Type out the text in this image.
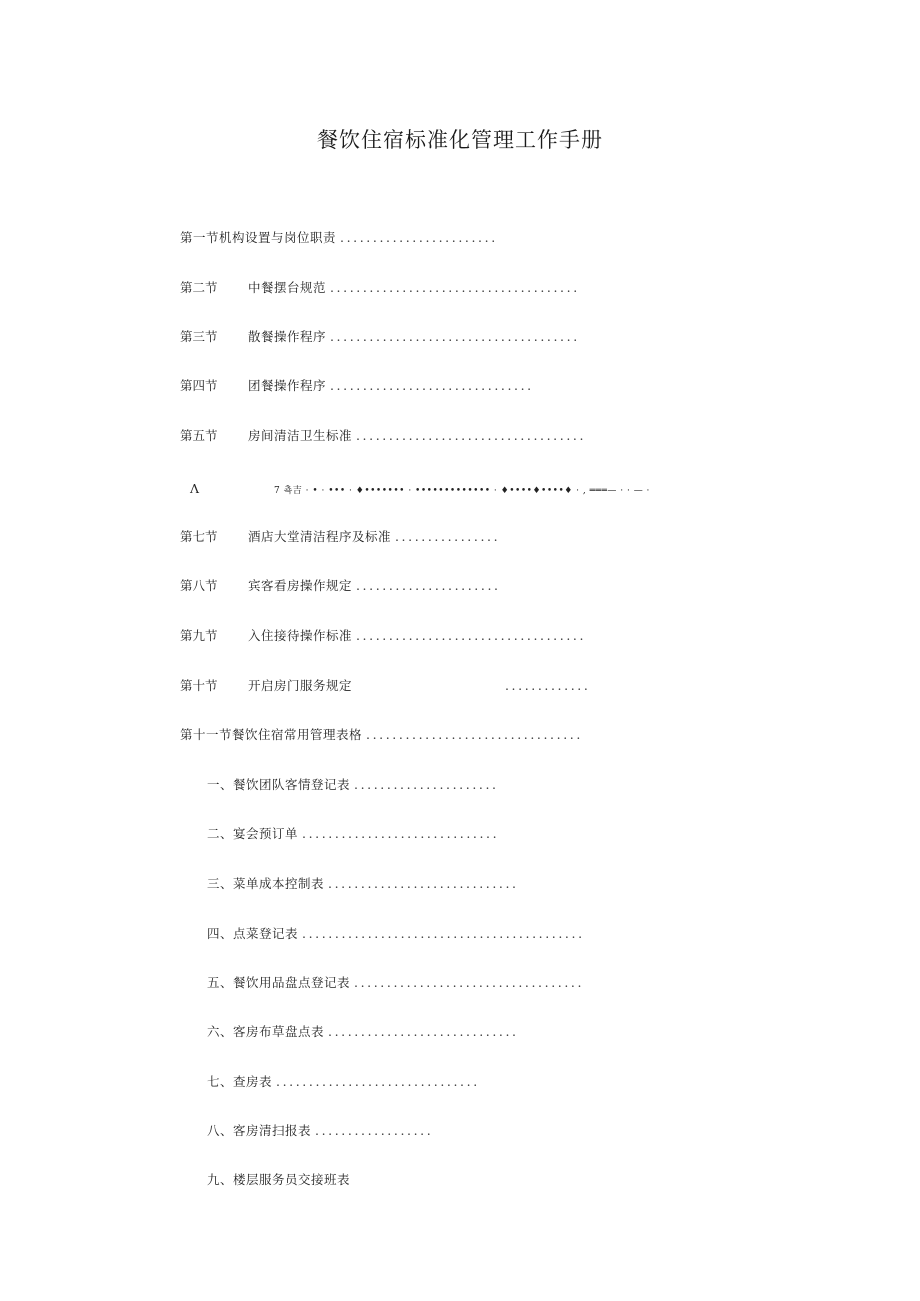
餐饮住宿标准化管理工作手册
第一节机构设置与岗位职责 ........................
第二节 中餐摆台规范 ......................................
第三节 散餐操作程序 ......................................
第四节 团餐操作程序 ...............................
第五节 房间清洁卫生标准 ...................................
Λ	7 쵹吉 · • · ••• · ♦••••••• · ••••••••••••• · ♦••••♦••••♦ · , ═══— · · — ·
第七节 酒店大堂清洁程序及标准 ................
第八节 宾客看房操作规定 ......................
第九节 入住接待操作标准 ...................................
第十节 开启房门服务规定	.............
第十一节餐饮住宿常用管理表格 .................................
一、餐饮团队客情登记表 ......................
二、宴会预订单 ..............................
三、菜单成本控制表 .............................
四、点菜登记表 ...........................................
五、餐饮用品盘点登记表 ...................................
六、客房布草盘点表 .............................
七、查房表 ...............................
八、客房清扫报表 ..................
九、楼层服务员交接班表
